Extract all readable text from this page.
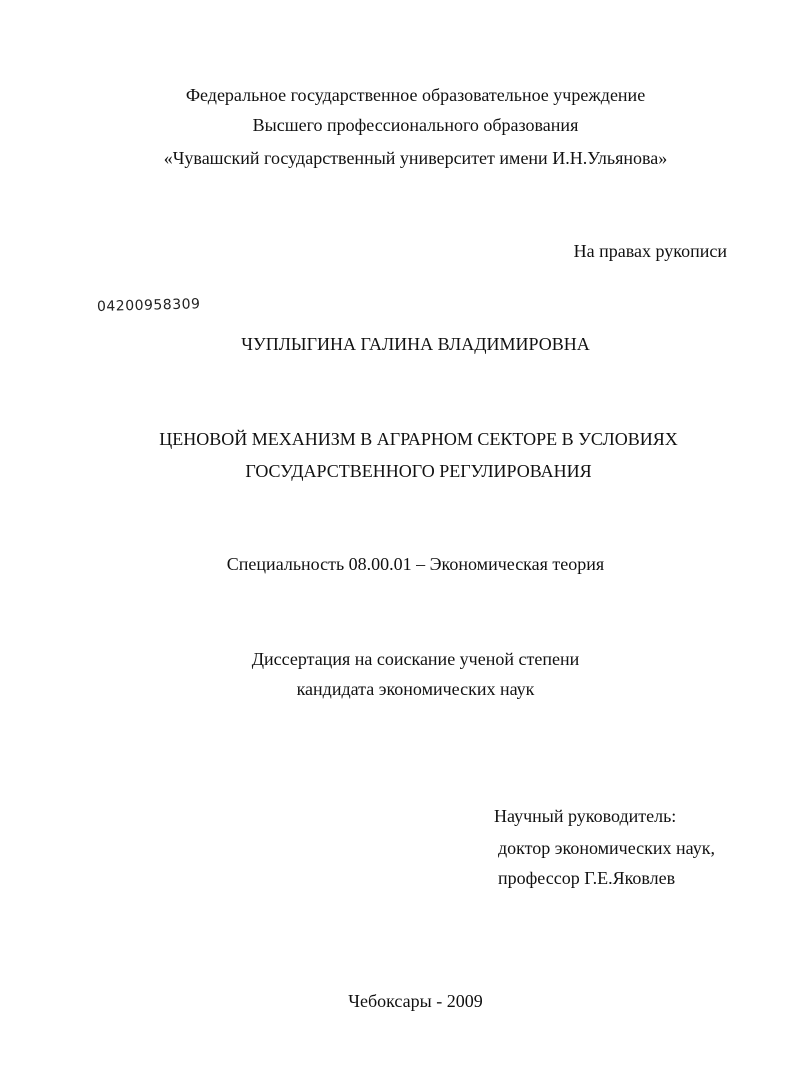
Федеральное государственное образовательное учреждение
Высшего профессионального образования
«Чувашский государственный университет имени И.Н.Ульянова»
На правах рукописи
04200958309
ЧУПЛЫГИНА ГАЛИНА ВЛАДИМИРОВНА
ЦЕНОВОЙ МЕХАНИЗМ В АГРАРНОМ СЕКТОРЕ В УСЛОВИЯХ
ГОСУДАРСТВЕННОГО РЕГУЛИРОВАНИЯ
Специальность 08.00.01 – Экономическая теория
Диссертация на соискание ученой степени
кандидата экономических наук
Научный руководитель:
доктор экономических наук,
профессор Г.Е.Яковлев
Чебоксары - 2009
